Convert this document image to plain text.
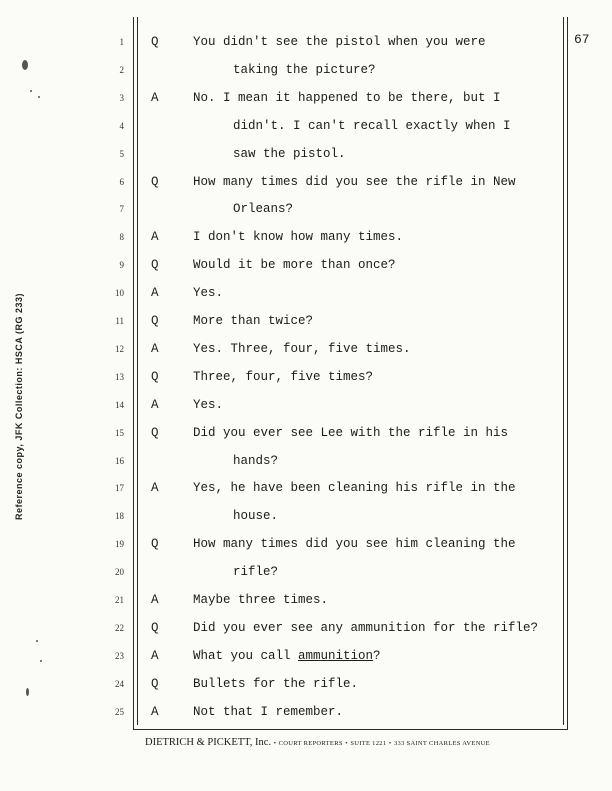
67
Reference copy, JFK Collection: HSCA (RG 233)
1 Q	You didn't see the pistol when you were
2	taking the picture?
3 A	No. I mean it happened to be there, but I
4	didn't. I can't recall exactly when I
5	saw the pistol.
6 Q	How many times did you see the rifle in New
7	Orleans?
8 A	I don't know how many times.
9 Q	Would it be more than once?
10 A	Yes.
11 Q	More than twice?
12 A	Yes. Three, four, five times.
13 Q	Three, four, five times?
14 A	Yes.
15 Q	Did you ever see Lee with the rifle in his
16	hands?
17 A	Yes, he have been cleaning his rifle in the
18	house.
19 Q	How many times did you see him cleaning the
20	rifle?
21 A	Maybe three times.
22 Q	Did you ever see any ammunition for the rifle?
23 A	What you call ammunition?
24 Q	Bullets for the rifle.
25 A	Not that I remember.
DIETRICH & PICKETT, Inc. • COURT REPORTERS • SUITE 1221 • 333 SAINT CHARLES AVENUE
